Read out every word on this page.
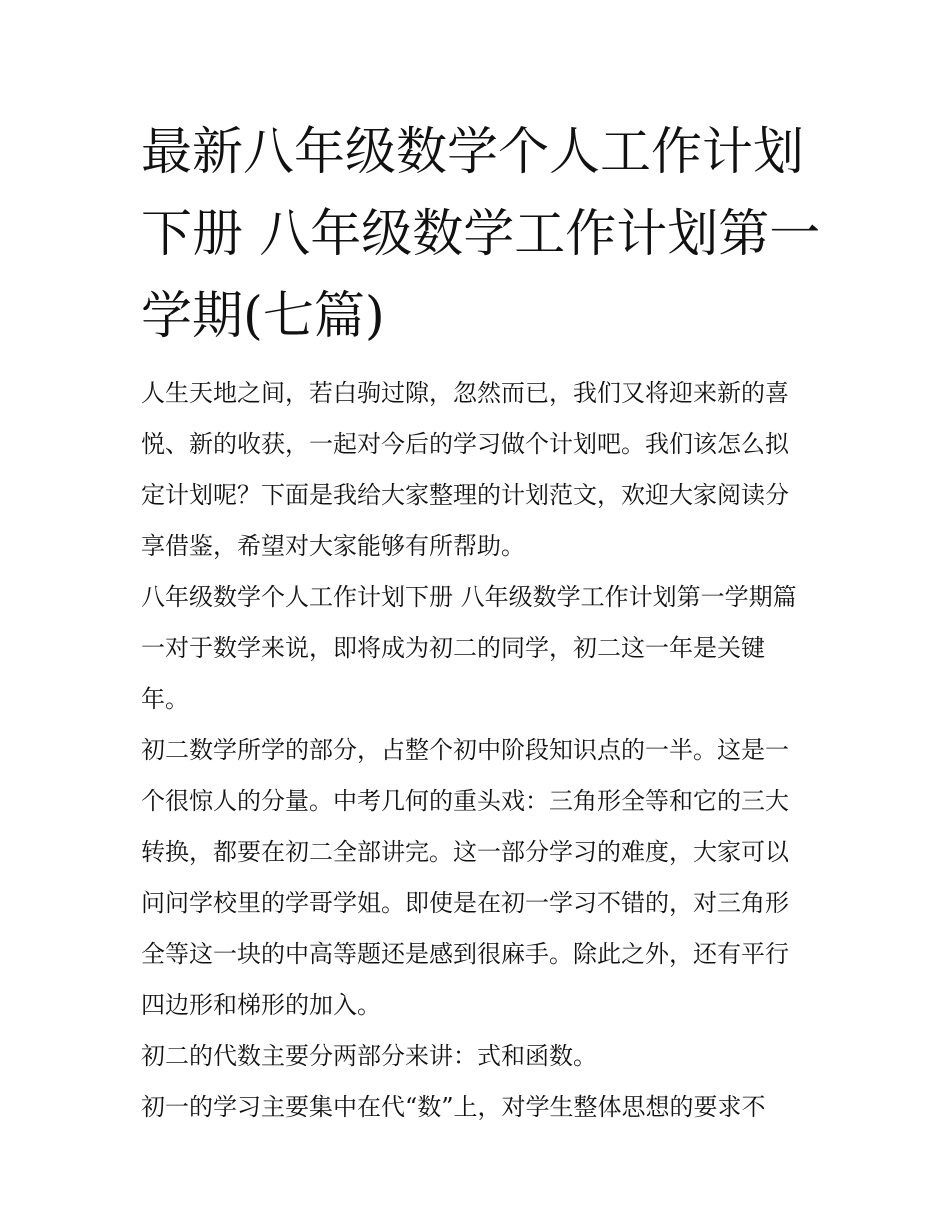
最新八年级数学个人工作计划下册 八年级数学工作计划第一学期(七篇)

人生天地之间，若白驹过隙，忽然而已，我们又将迎来新的喜悦、新的收获，一起对今后的学习做个计划吧。我们该怎么拟定计划呢？下面是我给大家整理的计划范文，欢迎大家阅读分享借鉴，希望对大家能够有所帮助。

八年级数学个人工作计划下册 八年级数学工作计划第一学期篇一对于数学来说，即将成为初二的同学，初二这一年是关键年。

初二数学所学的部分，占整个初中阶段知识点的一半。这是一个很惊人的分量。中考几何的重头戏：三角形全等和它的三大转换，都要在初二全部讲完。这一部分学习的难度，大家可以问问学校里的学哥学姐。即使是在初一学习不错的，对三角形全等这一块的中高等题还是感到很麻手。除此之外，还有平行四边形和梯形的加入。

初二的代数主要分两部分来讲：式和函数。

初一的学习主要集中在代“数”上，对学生整体思想的要求不
